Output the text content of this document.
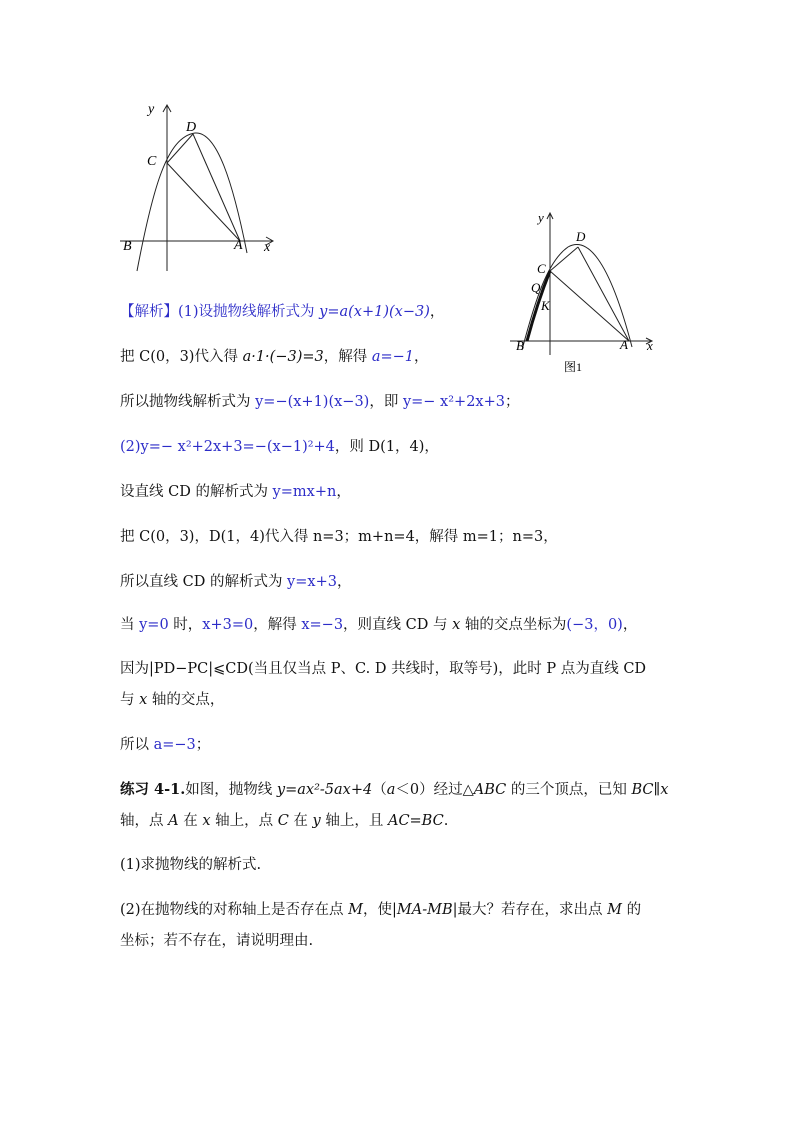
y
D
C
B	A x
y
D
C
Q
K
B	A x
图1
【解析】(1)设抛物线解析式为 y=a(x+1)(x−3)，
把 C(0，3)代入得 a·1·(−3)=3，解得 a=−1，
所以抛物线解析式为 y=−(x+1)(x−3)，即 y=− x²+2x+3；
(2)y=− x²+2x+3=−(x−1)²+4，则 D(1，4)，
设直线 CD 的解析式为 y=mx+n，
把 C(0，3)，D(1，4)代入得 n=3；m+n=4，解得 m=1；n=3，
所以直线 CD 的解析式为 y=x+3，
当 y=0 时，x+3=0，解得 x=−3，则直线 CD 与 x 轴的交点坐标为(−3，0)，
因为|PD−PC|⩽CD(当且仅当点 P、C. D 共线时，取等号)，此时 P 点为直线 CD
与 x 轴的交点，
所以 a=−3；
练习 4-1.如图，抛物线 y=ax²-5ax+4（a＜0）经过△ABC 的三个顶点，已知 BC∥x
轴，点 A 在 x 轴上，点 C 在 y 轴上，且 AC=BC.
(1)求抛物线的解析式.
(2)在抛物线的对称轴上是否存在点 M，使|MA-MB|最大？若存在，求出点 M 的
坐标；若不存在，请说明理由.
